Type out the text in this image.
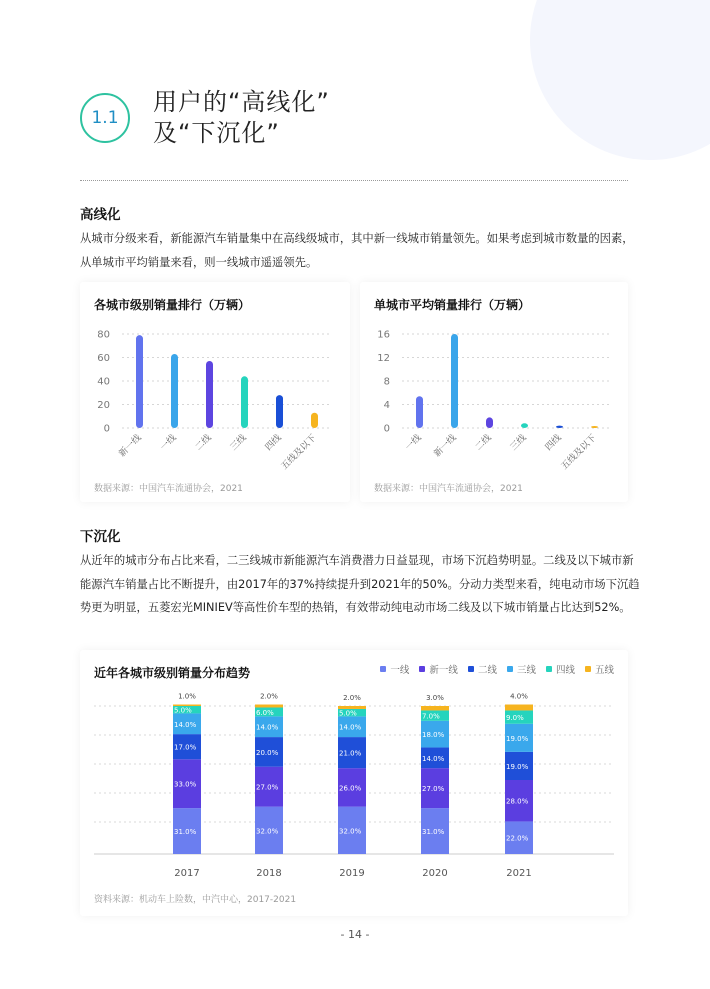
1.1
用户的“高线化”
及“下沉化”
高线化
从城市分级来看，新能源汽车销量集中在高线级城市，其中新一线城市销量领先。如果考虑到城市数量的因素，从单城市平均销量来看，则一线城市遥遥领先。
各城市级别销量排行（万辆）
0
20
40
60
80
新一线 一线 二线 三线 四线
五线及以下
数据来源：中国汽车流通协会，2021
单城市平均销量排行（万辆）
0
4
8
12
16
一线 新一线 二线 三线 四线
五线及以下
数据来源：中国汽车流通协会，2021
下沉化
从近年的城市分布占比来看，二三线城市新能源汽车消费潜力日益显现，市场下沉趋势明显。二线及以下城市新能源汽车销量占比不断提升，由2017年的37%持续提升到2021年的50%。分动力类型来看，纯电动市场下沉趋势更为明显，五菱宏光MINIEV等高性价车型的热销，有效带动纯电动市场二线及以下城市销量占比达到52%。
近年各城市级别销量分布趋势	一线 新一线 二线 三线 四线 五线
31.0%
33.0%
17.0%
14.0%
5.0%
1.0%
2017
32.0%
27.0%
20.0%
14.0%
6.0%
2.0%
2018
32.0%
26.0%
21.0%
14.0%
5.0%
2.0%
2019
31.0%
27.0%
14.0%
18.0%
7.0%
3.0%
2020
22.0%
28.0%
19.0%
19.0%
9.0%
4.0%
2021
资料来源：机动车上险数，中汽中心，2017-2021
- 14 -
